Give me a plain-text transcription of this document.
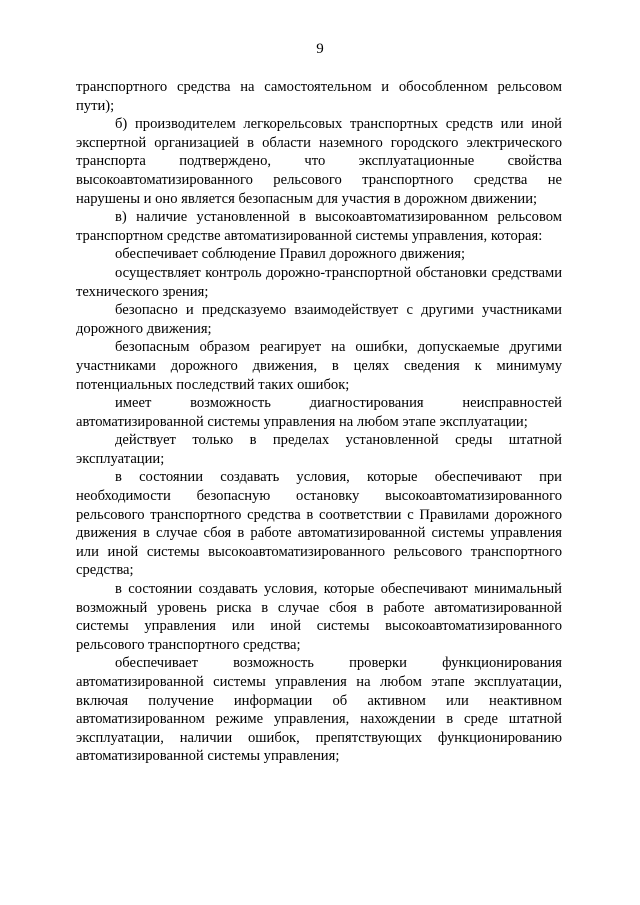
9

транспортного средства на самостоятельном и обособленном рельсовом пути);

б) производителем легкорельсовых транспортных средств или иной экспертной организацией в области наземного городского электрического транспорта подтверждено, что эксплуатационные свойства высокоавтоматизированного рельсового транспортного средства не нарушены и оно является безопасным для участия в дорожном движении;

в) наличие установленной в высокоавтоматизированном рельсовом транспортном средстве автоматизированной системы управления, которая:

обеспечивает соблюдение Правил дорожного движения;

осуществляет контроль дорожно-транспортной обстановки средствами технического зрения;

безопасно и предсказуемо взаимодействует с другими участниками дорожного движения;

безопасным образом реагирует на ошибки, допускаемые другими участниками дорожного движения, в целях сведения к минимуму потенциальных последствий таких ошибок;

имеет возможность диагностирования неисправностей автоматизированной системы управления на любом этапе эксплуатации;

действует только в пределах установленной среды штатной эксплуатации;

в состоянии создавать условия, которые обеспечивают при необходимости безопасную остановку высокоавтоматизированного рельсового транспортного средства в соответствии с Правилами дорожного движения в случае сбоя в работе автоматизированной системы управления или иной системы высокоавтоматизированного рельсового транспортного средства;

в состоянии создавать условия, которые обеспечивают минимальный возможный уровень риска в случае сбоя в работе автоматизированной системы управления или иной системы высокоавтоматизированного рельсового транспортного средства;

обеспечивает возможность проверки функционирования автоматизированной системы управления на любом этапе эксплуатации, включая получение информации об активном или неактивном автоматизированном режиме управления, нахождении в среде штатной эксплуатации, наличии ошибок, препятствующих функционированию автоматизированной системы управления;
